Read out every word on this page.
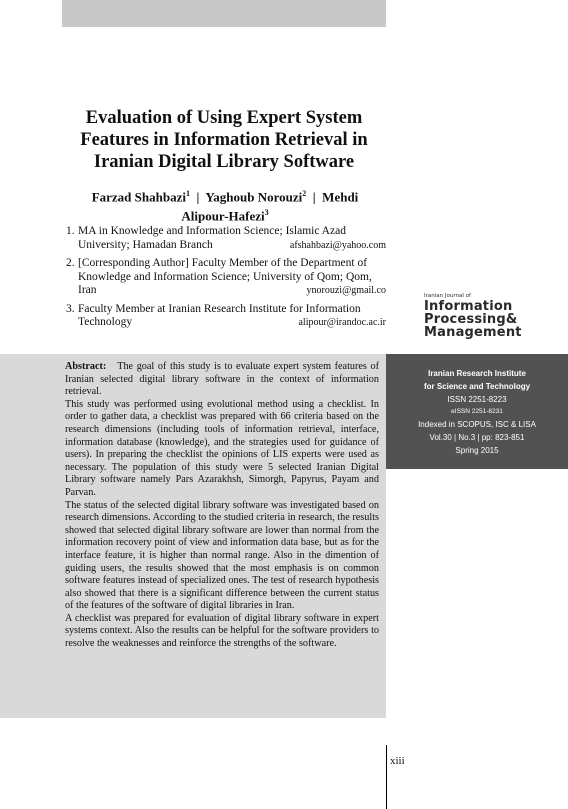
Evaluation of Using Expert System
Features in Information Retrieval in
Iranian Digital Library Software
Farzad Shahbazi$^1$ | Yaghoub Norouzi$^2$ | Mehdi
Alipour-Hafezi$^3$
1. MA in Knowledge and Information Science; Islamic Azad
University; Hamadan Branch	afshahbazi@yahoo.com
2. [Corresponding Author] Faculty Member of the Department of
Knowledge and Information Science; University of Qom; Qom,
Iran	ynorouzi@gmail.co
3. Faculty Member at Iranian Research Institute for Information
Technology	alipour@irandoc.ac.ir
Iranian Journal of
Information
Processing&
Management

Abstract: The goal of this study is to evaluate expert system features of Iranian selected digital library software in the context of information retrieval.

This study was performed using evolutional method using a checklist. In order to gather data, a checklist was prepared with 66 criteria based on the research dimensions (including tools of information retrieval, interface, information database (knowledge), and the strategies used for guidance of users). In preparing the checklist the opinions of LIS experts were used as necessary. The population of this study were 5 selected Iranian Digital Library software namely Pars Azarakhsh, Simorgh, Papyrus, Payam and Parvan.

The status of the selected digital library software was investigated based on research dimensions. According to the studied criteria in research, the results showed that selected digital library software are lower than normal from the information recovery point of view and information data base, but as for the interface feature, it is higher than normal range. Also in the dimention of guiding users, the results showed that the most emphasis is on common software features instead of specialized ones. The test of research hypothesis also showed that there is a significant difference between the current status of the features of the software of digital libraries in Iran.

A checklist was prepared for evaluation of digital library software in expert systems context. Also the results can be helpful for the software providers to resolve the weaknesses and reinforce the strengths of the software.

Iranian Research Institute
for Science and Technology
ISSN 2251-8223
eISSN 2251-8231
Indexed in SCOPUS, ISC & LISA
Vol.30 | No.3 | pp: 823-851
Spring 2015
xiii
